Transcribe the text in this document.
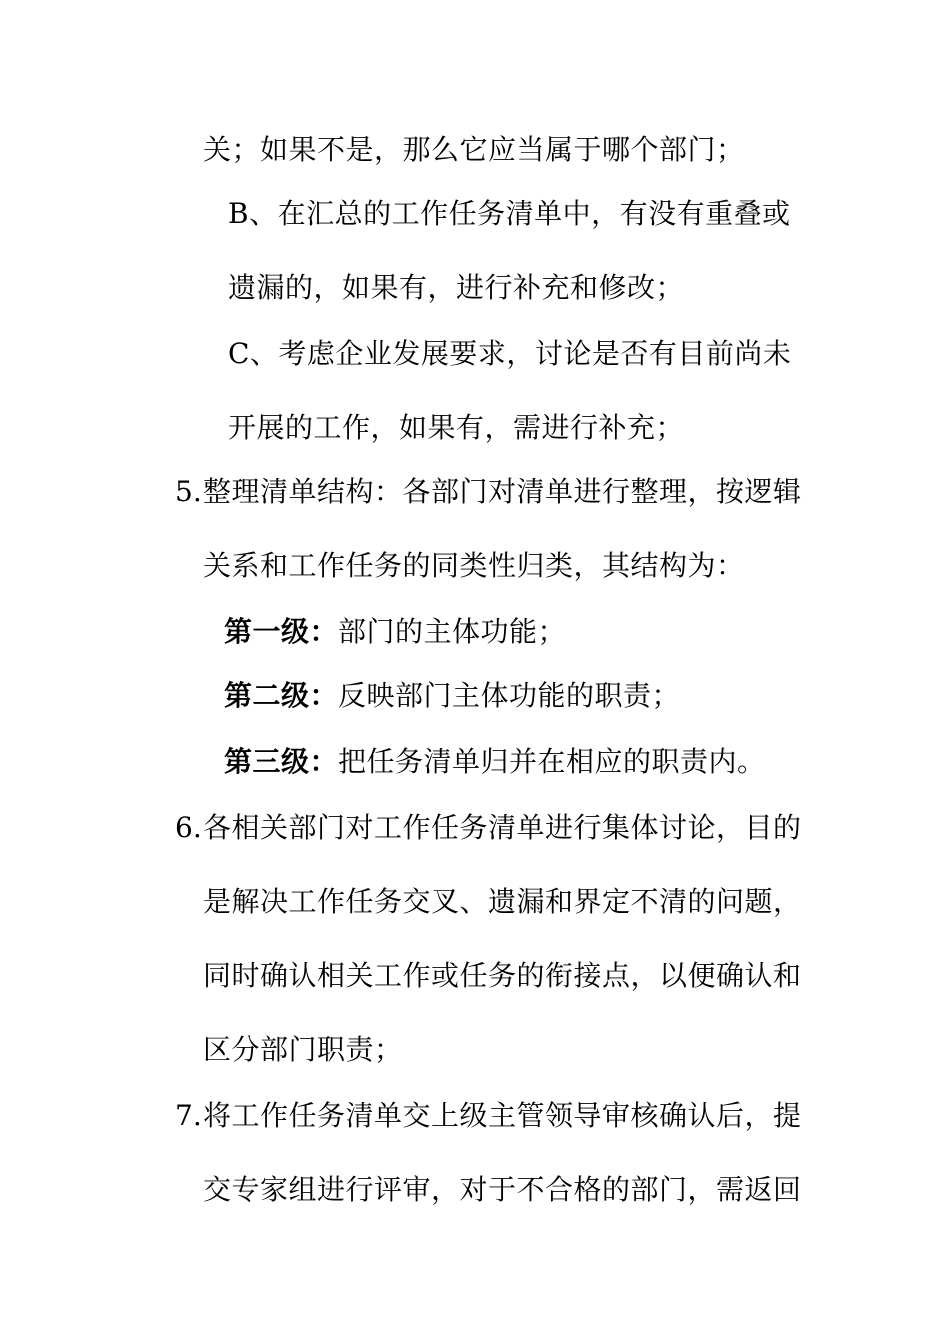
关；如果不是，那么它应当属于哪个部门；
B、在汇总的工作任务清单中，有没有重叠或
遗漏的，如果有，进行补充和修改；
C、考虑企业发展要求，讨论是否有目前尚未
开展的工作，如果有，需进行补充；
5. 整理清单结构：各部门对清单进行整理，按逻辑
关系和工作任务的同类性归类，其结构为：
第一级：部门的主体功能；
第二级：反映部门主体功能的职责；
第三级：把任务清单归并在相应的职责内。
6. 各相关部门对工作任务清单进行集体讨论，目的
是解决工作任务交叉、遗漏和界定不清的问题，
同时确认相关工作或任务的衔接点，以便确认和
区分部门职责；
7. 将工作任务清单交上级主管领导审核确认后，提
交专家组进行评审，对于不合格的部门，需返回
